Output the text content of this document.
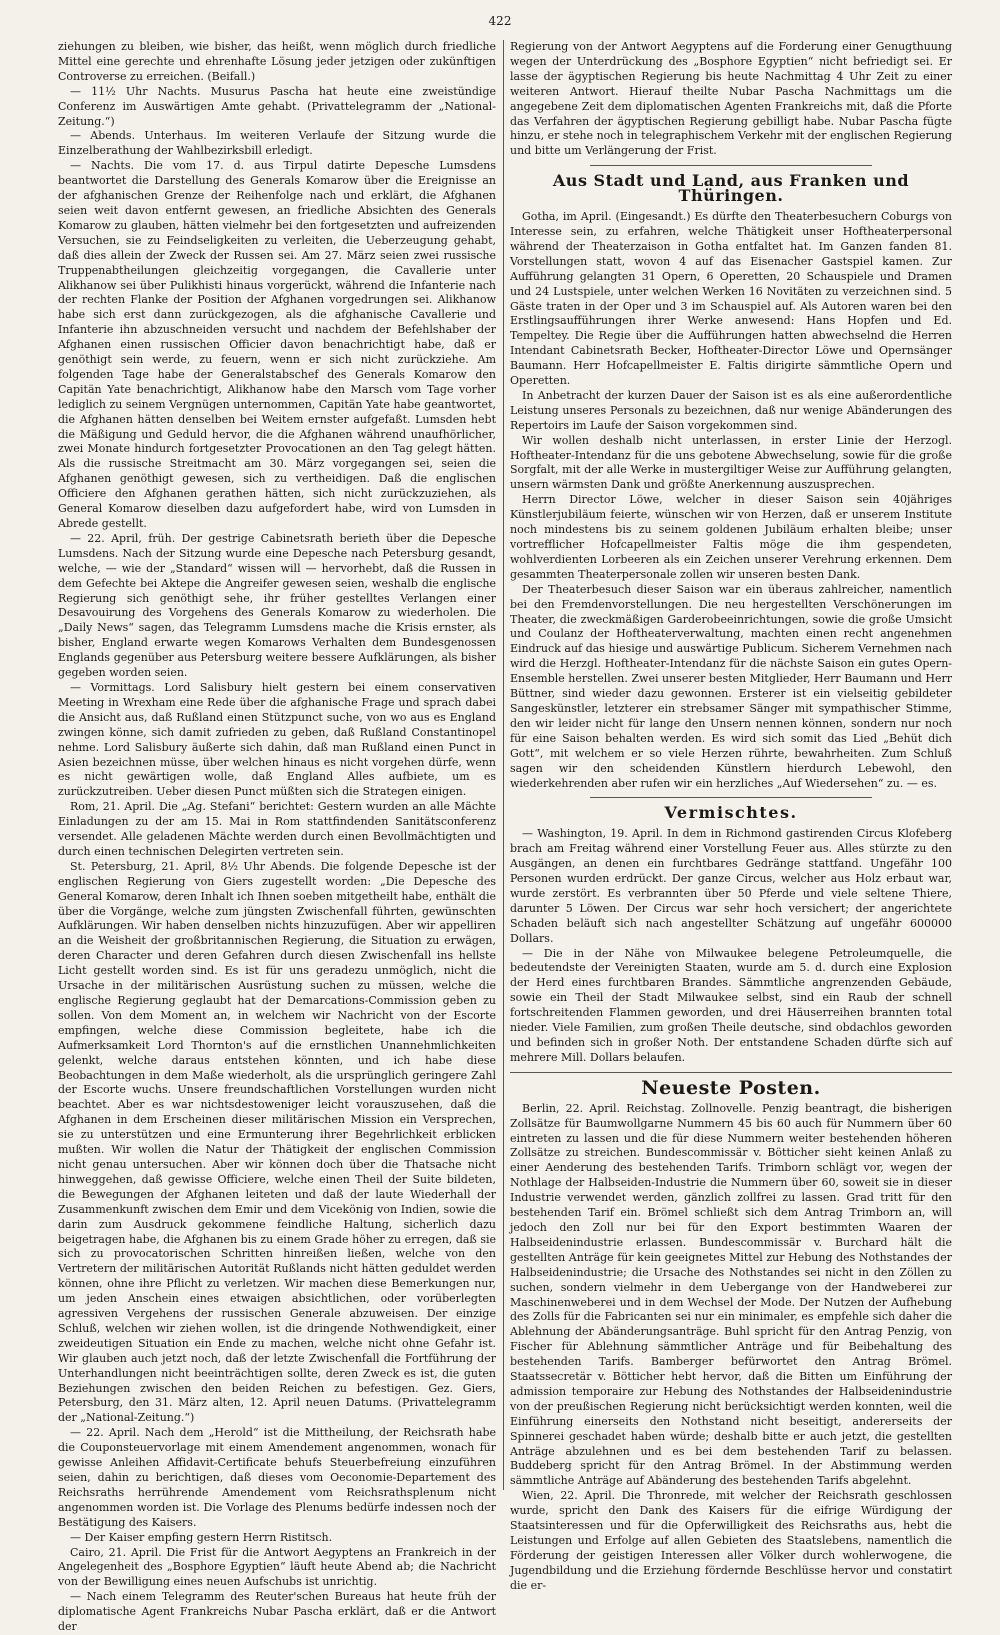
422

ziehungen zu bleiben, wie bisher, das heißt, wenn möglich durch friedliche Mittel eine gerechte und ehrenhafte Lösung jeder jetzigen oder zukünftigen Controverse zu erreichen. (Beifall.)

— 11½ Uhr Nachts. Musurus Pascha hat heute eine zweistündige Conferenz im Auswärtigen Amte gehabt. (Privattelegramm der „National-Zeitung.“)

— Abends. Unterhaus. Im weiteren Verlaufe der Sitzung wurde die Einzelberathung der Wahlbezirksbill erledigt.

— Nachts. Die vom 17. d. aus Tirpul datirte Depesche Lumsdens beantwortet die Darstellung des Generals Komarow über die Ereignisse an der afghanischen Grenze der Reihenfolge nach und erklärt, die Afghanen seien weit davon entfernt gewesen, an friedliche Absichten des Generals Komarow zu glauben, hätten vielmehr bei den fortgesetzten und aufreizenden Versuchen, sie zu Feindseligkeiten zu verleiten, die Ueberzeugung gehabt, daß dies allein der Zweck der Russen sei. Am 27. März seien zwei russische Truppenabtheilungen gleichzeitig vorgegangen, die Cavallerie unter Alikhanow sei über Pulikhisti hinaus vorgerückt, während die Infanterie nach der rechten Flanke der Position der Afghanen vorgedrungen sei. Alikhanow habe sich erst dann zurückgezogen, als die afghanische Cavallerie und Infanterie ihn abzuschneiden versucht und nachdem der Befehlshaber der Afghanen einen russischen Officier davon benachrichtigt habe, daß er genöthigt sein werde, zu feuern, wenn er sich nicht zurückziehe. Am folgenden Tage habe der Generalstabschef des Generals Komarow den Capitän Yate benachrichtigt, Alikhanow habe den Marsch vom Tage vorher lediglich zu seinem Vergnügen unternommen, Capitän Yate habe geantwortet, die Afghanen hätten denselben bei Weitem ernster aufgefaßt. Lumsden hebt die Mäßigung und Geduld hervor, die die Afghanen während unaufhörlicher, zwei Monate hindurch fortgesetzter Provocationen an den Tag gelegt hätten. Als die russische Streitmacht am 30. März vorgegangen sei, seien die Afghanen genöthigt gewesen, sich zu vertheidigen. Daß die englischen Officiere den Afghanen gerathen hätten, sich nicht zurückzuziehen, als General Komarow dieselben dazu aufgefordert habe, wird von Lumsden in Abrede gestellt.

— 22. April, früh. Der gestrige Cabinetsrath berieth über die Depesche Lumsdens. Nach der Sitzung wurde eine Depesche nach Petersburg gesandt, welche, — wie der „Standard“ wissen will — hervorhebt, daß die Russen in dem Gefechte bei Aktepe die Angreifer gewesen seien, weshalb die englische Regierung sich genöthigt sehe, ihr früher gestelltes Verlangen einer Desavouirung des Vorgehens des Generals Komarow zu wiederholen. Die „Daily News“ sagen, das Telegramm Lumsdens mache die Krisis ernster, als bisher, England erwarte wegen Komarows Verhalten dem Bundesgenossen Englands gegenüber aus Petersburg weitere bessere Aufklärungen, als bisher gegeben worden seien.

— Vormittags. Lord Salisbury hielt gestern bei einem conservativen Meeting in Wrexham eine Rede über die afghanische Frage und sprach dabei die Ansicht aus, daß Rußland einen Stützpunct suche, von wo aus es England zwingen könne, sich damit zufrieden zu geben, daß Rußland Constantinopel nehme. Lord Salisbury äußerte sich dahin, daß man Rußland einen Punct in Asien bezeichnen müsse, über welchen hinaus es nicht vorgehen dürfe, wenn es nicht gewärtigen wolle, daß England Alles aufbiete, um es zurückzutreiben. Ueber diesen Punct müßten sich die Strategen einigen.

Rom, 21. April. Die „Ag. Stefani“ berichtet: Gestern wurden an alle Mächte Einladungen zu der am 15. Mai in Rom stattfindenden Sanitätsconferenz versendet. Alle geladenen Mächte werden durch einen Bevollmächtigten und durch einen technischen Delegirten vertreten sein.

St. Petersburg, 21. April, 8½ Uhr Abends. Die folgende Depesche ist der englischen Regierung von Giers zugestellt worden: „Die Depesche des General Komarow, deren Inhalt ich Ihnen soeben mitgetheilt habe, enthält die über die Vorgänge, welche zum jüngsten Zwischenfall führten, gewünschten Aufklärungen. Wir haben denselben nichts hinzuzufügen. Aber wir appelliren an die Weisheit der großbritannischen Regierung, die Situation zu erwägen, deren Character und deren Gefahren durch diesen Zwischenfall ins hellste Licht gestellt worden sind. Es ist für uns geradezu unmöglich, nicht die Ursache in der militärischen Ausrüstung suchen zu müssen, welche die englische Regierung geglaubt hat der Demarcations-Commission geben zu sollen. Von dem Moment an, in welchem wir Nachricht von der Escorte empfingen, welche diese Commission begleitete, habe ich die Aufmerksamkeit Lord Thornton's auf die ernstlichen Unannehmlichkeiten gelenkt, welche daraus entstehen könnten, und ich habe diese Beobachtungen in dem Maße wiederholt, als die ursprünglich geringere Zahl der Escorte wuchs. Unsere freundschaftlichen Vorstellungen wurden nicht beachtet. Aber es war nichtsdestoweniger leicht vorauszusehen, daß die Afghanen in dem Erscheinen dieser militärischen Mission ein Versprechen, sie zu unterstützen und eine Ermunterung ihrer Begehrlichkeit erblicken mußten. Wir wollen die Natur der Thätigkeit der englischen Commission nicht genau untersuchen. Aber wir können doch über die Thatsache nicht hinweggehen, daß gewisse Officiere, welche einen Theil der Suite bildeten, die Bewegungen der Afghanen leiteten und daß der laute Wiederhall der Zusammenkunft zwischen dem Emir und dem Vicekönig von Indien, sowie die darin zum Ausdruck gekommene feindliche Haltung, sicherlich dazu beigetragen habe, die Afghanen bis zu einem Grade höher zu erregen, daß sie sich zu provocatorischen Schritten hinreißen ließen, welche von den Vertretern der militärischen Autorität Rußlands nicht hätten geduldet werden können, ohne ihre Pflicht zu verletzen. Wir machen diese Bemerkungen nur, um jeden Anschein eines etwaigen absichtlichen, oder vorüberlegten agressiven Vergehens der russischen Generale abzuweisen. Der einzige Schluß, welchen wir ziehen wollen, ist die dringende Nothwendigkeit, einer zweideutigen Situation ein Ende zu machen, welche nicht ohne Gefahr ist. Wir glauben auch jetzt noch, daß der letzte Zwischenfall die Fortführung der Unterhandlungen nicht beeinträchtigen sollte, deren Zweck es ist, die guten Beziehungen zwischen den beiden Reichen zu befestigen. Gez. Giers, Petersburg, den 31. März alten, 12. April neuen Datums. (Privattelegramm der „National-Zeitung.“)

— 22. April. Nach dem „Herold“ ist die Mittheilung, der Reichsrath habe die Couponsteuervorlage mit einem Amendement angenommen, wonach für gewisse Anleihen Affidavit-Certificate behufs Steuerbefreiung einzuführen seien, dahin zu berichtigen, daß dieses vom Oeconomie-Departement des Reichsraths herrührende Amendement vom Reichsrathsplenum nicht angenommen worden ist. Die Vorlage des Plenums bedürfe indessen noch der Bestätigung des Kaisers.

— Der Kaiser empfing gestern Herrn Ristitsch.

Cairo, 21. April. Die Frist für die Antwort Aegyptens an Frankreich in der Angelegenheit des „Bosphore Egyptien“ läuft heute Abend ab; die Nachricht von der Bewilligung eines neuen Aufschubs ist unrichtig.

— Nach einem Telegramm des Reuter'schen Bureaus hat heute früh der diplomatische Agent Frankreichs Nubar Pascha erklärt, daß er die Antwort der

Regierung von der Antwort Aegyptens auf die Forderung einer Genugthuung wegen der Unterdrückung des „Bosphore Egyptien“ nicht befriedigt sei. Er lasse der ägyptischen Regierung bis heute Nachmittag 4 Uhr Zeit zu einer weiteren Antwort. Hierauf theilte Nubar Pascha Nachmittags um die angegebene Zeit dem diplomatischen Agenten Frankreichs mit, daß die Pforte das Verfahren der ägyptischen Regierung gebilligt habe. Nubar Pascha fügte hinzu, er stehe noch in telegraphischem Verkehr mit der englischen Regierung und bitte um Verlängerung der Frist.

Aus Stadt und Land, aus Franken und Thüringen.

Gotha, im April. (Eingesandt.) Es dürfte den Theaterbesuchern Coburgs von Interesse sein, zu erfahren, welche Thätigkeit unser Hoftheaterpersonal während der Theaterzaison in Gotha entfaltet hat. Im Ganzen fanden 81. Vorstellungen statt, wovon 4 auf das Eisenacher Gastspiel kamen. Zur Aufführung gelangten 31 Opern, 6 Operetten, 20 Schauspiele und Dramen und 24 Lustspiele, unter welchen Werken 16 Novitäten zu verzeichnen sind. 5 Gäste traten in der Oper und 3 im Schauspiel auf. Als Autoren waren bei den Erstlingsaufführungen ihrer Werke anwesend: Hans Hopfen und Ed. Tempeltey. Die Regie über die Aufführungen hatten abwechselnd die Herren Intendant Cabinetsrath Becker, Hoftheater-Director Löwe und Opernsänger Baumann. Herr Hofcapellmeister E. Faltis dirigirte sämmtliche Opern und Operetten.

In Anbetracht der kurzen Dauer der Saison ist es als eine außerordentliche Leistung unseres Personals zu bezeichnen, daß nur wenige Abänderungen des Repertoirs im Laufe der Saison vorgekommen sind.

Wir wollen deshalb nicht unterlassen, in erster Linie der Herzogl. Hoftheater-Intendanz für die uns gebotene Abwechselung, sowie für die große Sorgfalt, mit der alle Werke in mustergiltiger Weise zur Aufführung gelangten, unsern wärmsten Dank und größte Anerkennung auszusprechen.

Herrn Director Löwe, welcher in dieser Saison sein 40jähriges Künstlerjubiläum feierte, wünschen wir von Herzen, daß er unserem Institute noch mindestens bis zu seinem goldenen Jubiläum erhalten bleibe; unser vortrefflicher Hofcapellmeister Faltis möge die ihm gespendeten, wohlverdienten Lorbeeren als ein Zeichen unserer Verehrung erkennen. Dem gesammten Theaterpersonale zollen wir unseren besten Dank.

Der Theaterbesuch dieser Saison war ein überaus zahlreicher, namentlich bei den Fremdenvorstellungen. Die neu hergestellten Verschönerungen im Theater, die zweckmäßigen Garderobeeinrichtungen, sowie die große Umsicht und Coulanz der Hoftheaterverwaltung, machten einen recht angenehmen Eindruck auf das hiesige und auswärtige Publicum. Sicherem Vernehmen nach wird die Herzgl. Hoftheater-Intendanz für die nächste Saison ein gutes Opern-Ensemble herstellen. Zwei unserer besten Mitglieder, Herr Baumann und Herr Büttner, sind wieder dazu gewonnen. Ersterer ist ein vielseitig gebildeter Sangeskünstler, letzterer ein strebsamer Sänger mit sympathischer Stimme, den wir leider nicht für lange den Unsern nennen können, sondern nur noch für eine Saison behalten werden. Es wird sich somit das Lied „Behüt dich Gott“, mit welchem er so viele Herzen rührte, bewahrheiten. Zum Schluß sagen wir den scheidenden Künstlern hierdurch Lebewohl, den wiederkehrenden aber rufen wir ein herzliches „Auf Wiedersehen“ zu. — es.

Vermischtes.

— Washington, 19. April. In dem in Richmond gastirenden Circus Klofeberg brach am Freitag während einer Vorstellung Feuer aus. Alles stürzte zu den Ausgängen, an denen ein furchtbares Gedränge stattfand. Ungefähr 100 Personen wurden erdrückt. Der ganze Circus, welcher aus Holz erbaut war, wurde zerstört. Es verbrannten über 50 Pferde und viele seltene Thiere, darunter 5 Löwen. Der Circus war sehr hoch versichert; der angerichtete Schaden beläuft sich nach angestellter Schätzung auf ungefähr 600000 Dollars.

— Die in der Nähe von Milwaukee belegene Petroleumquelle, die bedeutendste der Vereinigten Staaten, wurde am 5. d. durch eine Explosion der Herd eines furchtbaren Brandes. Sämmtliche angrenzenden Gebäude, sowie ein Theil der Stadt Milwaukee selbst, sind ein Raub der schnell fortschreitenden Flammen geworden, und drei Häuserreihen brannten total nieder. Viele Familien, zum großen Theile deutsche, sind obdachlos geworden und befinden sich in großer Noth. Der entstandene Schaden dürfte sich auf mehrere Mill. Dollars belaufen.

Neueste Posten.

Berlin, 22. April. Reichstag. Zollnovelle. Penzig beantragt, die bisherigen Zollsätze für Baumwollgarne Nummern 45 bis 60 auch für Nummern über 60 eintreten zu lassen und die für diese Nummern weiter bestehenden höheren Zollsätze zu streichen. Bundescommissär v. Bötticher sieht keinen Anlaß zu einer Aenderung des bestehenden Tarifs. Trimborn schlägt vor, wegen der Nothlage der Halbseiden-Industrie die Nummern über 60, soweit sie in dieser Industrie verwendet werden, gänzlich zollfrei zu lassen. Grad tritt für den bestehenden Tarif ein. Brömel schließt sich dem Antrag Trimborn an, will jedoch den Zoll nur bei für den Export bestimmten Waaren der Halbseidenindustrie erlassen. Bundescommissär v. Burchard hält die gestellten Anträge für kein geeignetes Mittel zur Hebung des Nothstandes der Halbseidenindustrie; die Ursache des Nothstandes sei nicht in den Zöllen zu suchen, sondern vielmehr in dem Uebergange von der Handweberei zur Maschinenweberei und in dem Wechsel der Mode. Der Nutzen der Aufhebung des Zolls für die Fabricanten sei nur ein minimaler, es empfehle sich daher die Ablehnung der Abänderungsanträge. Buhl spricht für den Antrag Penzig, von Fischer für Ablehnung sämmtlicher Anträge und für Beibehaltung des bestehenden Tarifs. Bamberger befürwortet den Antrag Brömel. Staatssecretär v. Bötticher hebt hervor, daß die Bitten um Einführung der admission temporaire zur Hebung des Nothstandes der Halbseidenindustrie von der preußischen Regierung nicht berücksichtigt werden konnten, weil die Einführung einerseits den Nothstand nicht beseitigt, andererseits der Spinnerei geschadet haben würde; deshalb bitte er auch jetzt, die gestellten Anträge abzulehnen und es bei dem bestehenden Tarif zu belassen. Buddeberg spricht für den Antrag Brömel. In der Abstimmung werden sämmtliche Anträge auf Abänderung des bestehenden Tarifs abgelehnt.

Wien, 22. April. Die Thronrede, mit welcher der Reichsrath geschlossen wurde, spricht den Dank des Kaisers für die eifrige Würdigung der Staatsinteressen und für die Opferwilligkeit des Reichsraths aus, hebt die Leistungen und Erfolge auf allen Gebieten des Staatslebens, namentlich die Förderung der geistigen Interessen aller Völker durch wohlerwogene, die Jugendbildung und die Erziehung fördernde Beschlüsse hervor und constatirt die er-
